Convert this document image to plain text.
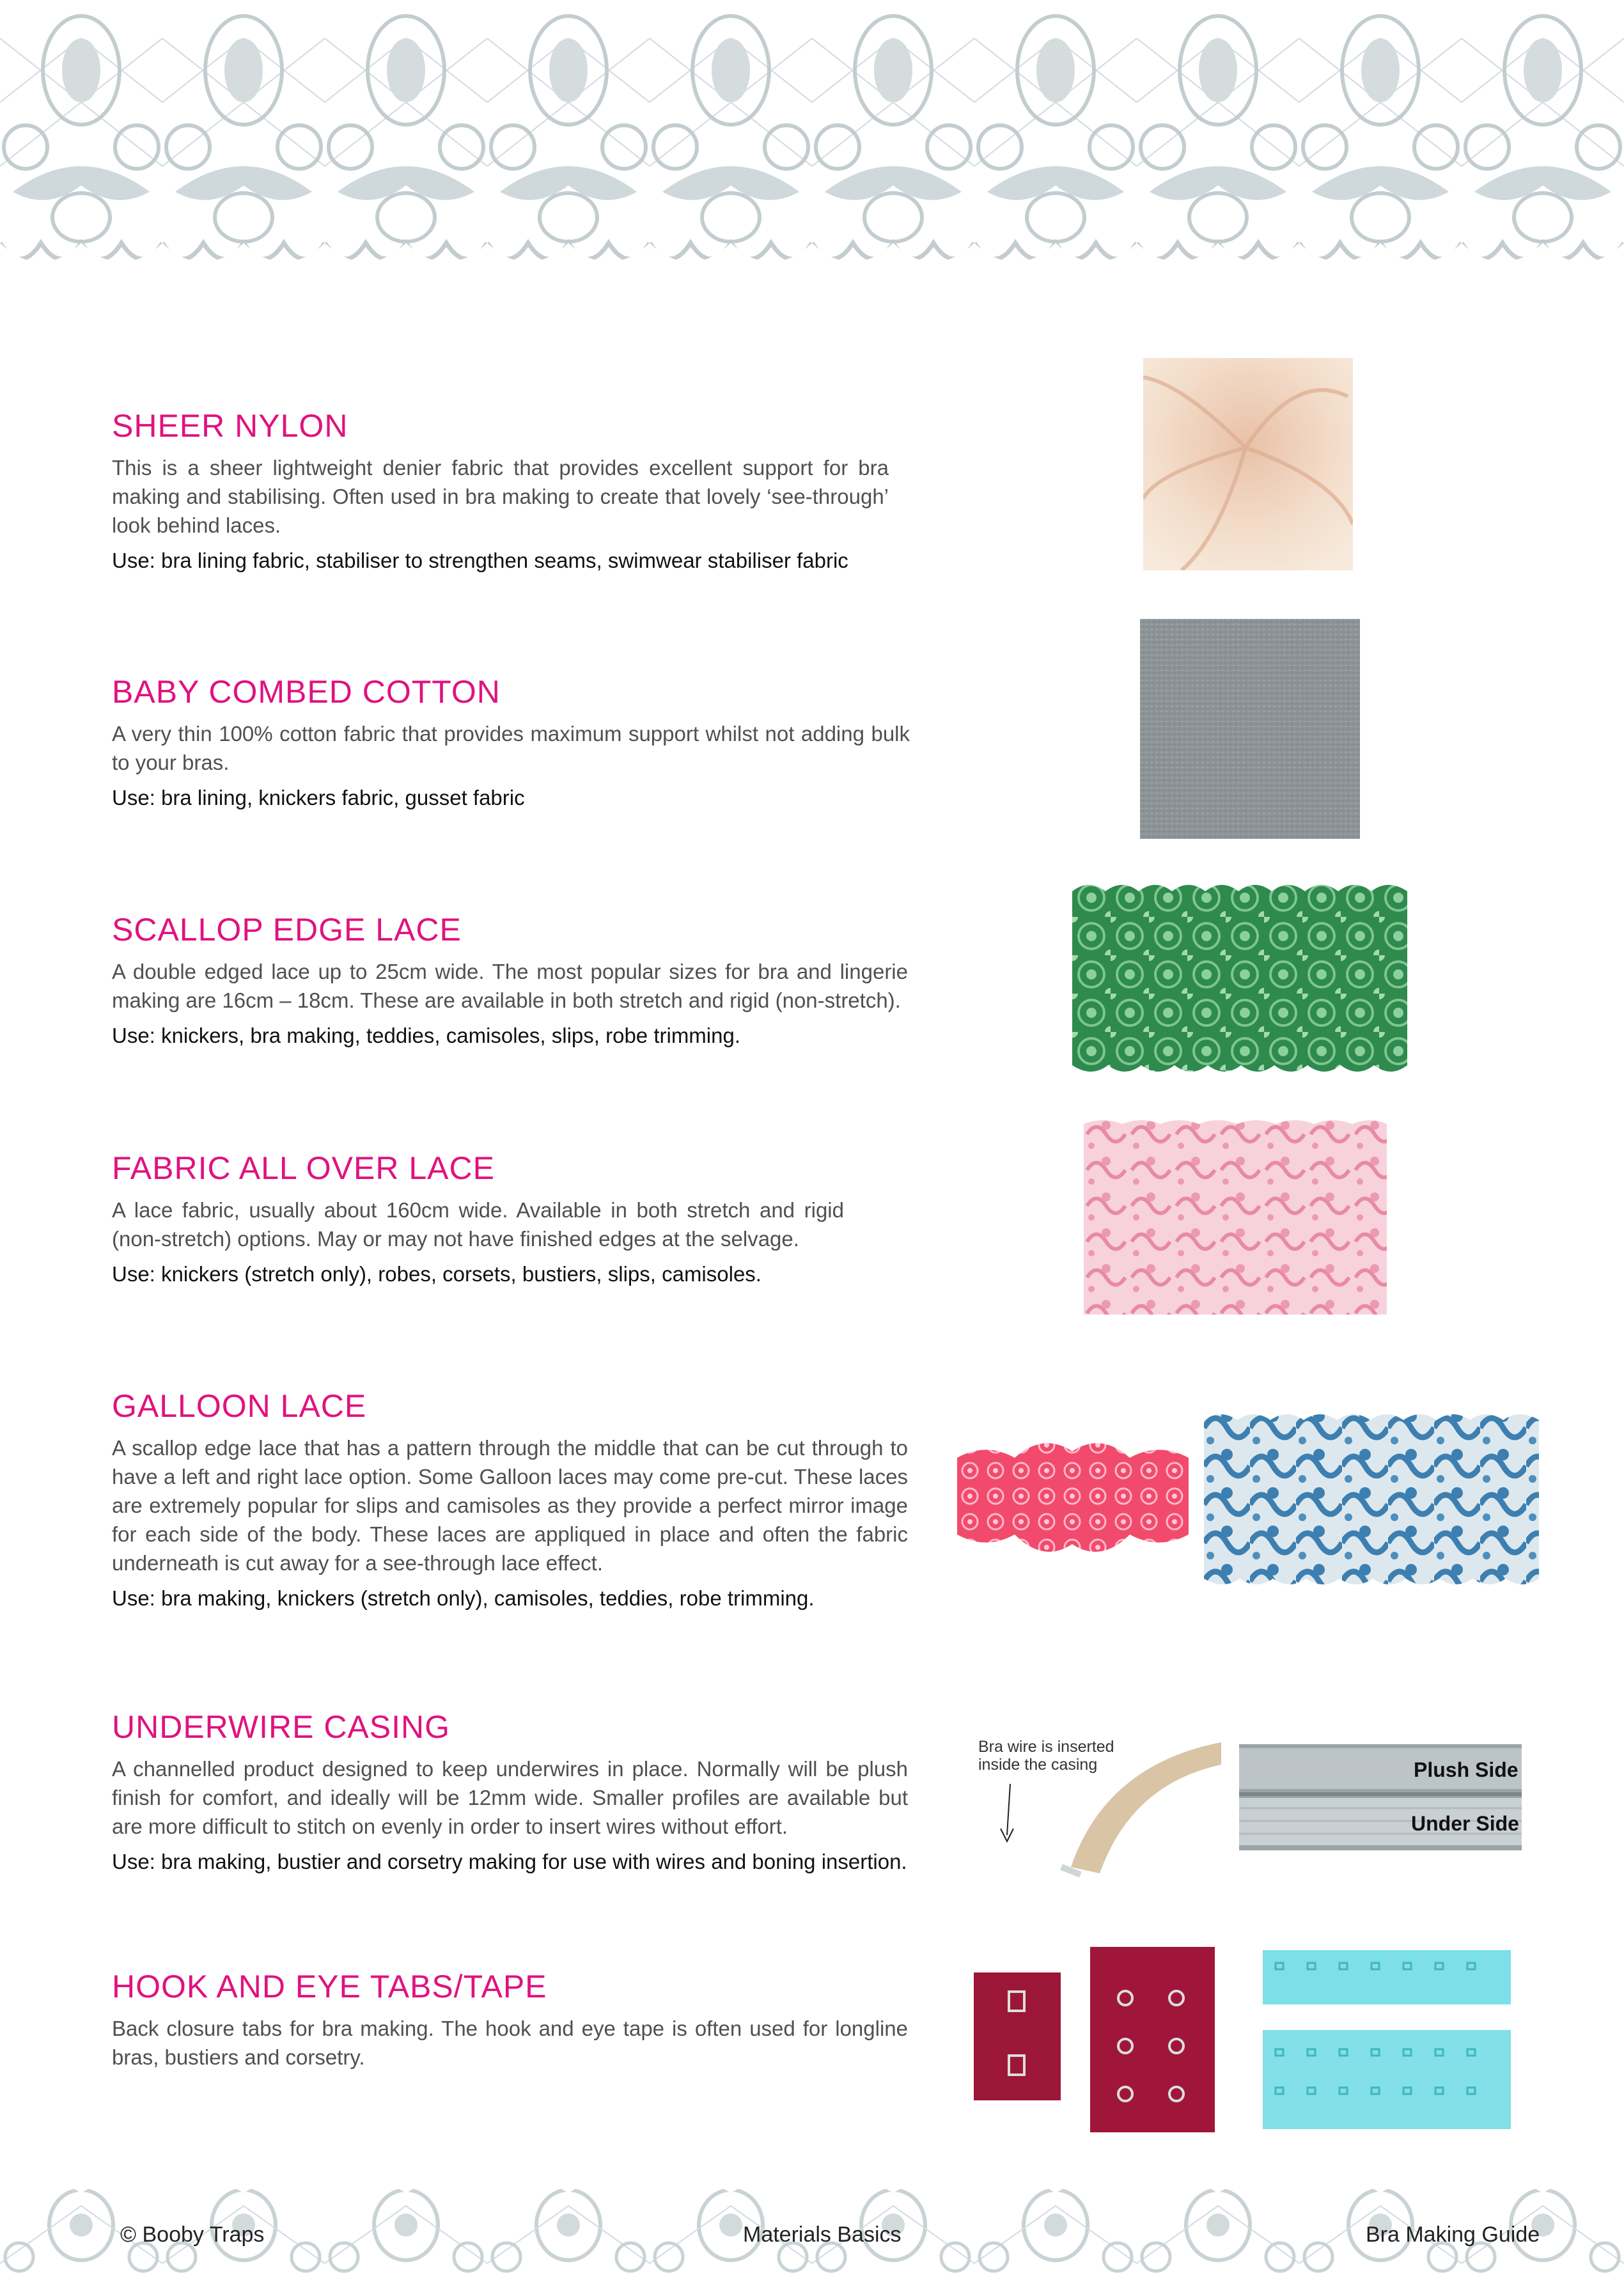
SHEER NYLON

This is a sheer lightweight denier fabric that provides excellent support for bra making and stabilising. Often used in bra making to create that lovely ‘see-through’ look behind laces.

Use: bra lining fabric, stabiliser to strengthen seams, swimwear stabiliser fabric

BABY COMBED COTTON

A very thin 100% cotton fabric that provides maximum support whilst not adding bulk to your bras.

Use: bra lining, knickers fabric, gusset fabric

SCALLOP EDGE LACE

A double edged lace up to 25cm wide. The most popular sizes for bra and lingerie making are 16cm – 18cm. These are available in both stretch and rigid (non-stretch).

Use: knickers, bra making, teddies, camisoles, slips, robe trimming.

FABRIC ALL OVER LACE

A lace fabric, usually about 160cm wide. Available in both stretch and rigid (non-stretch) options. May or may not have finished edges at the selvage.

Use: knickers (stretch only), robes, corsets, bustiers, slips, camisoles.

GALLOON LACE

A scallop edge lace that has a pattern through the middle that can be cut through to have a left and right lace option. Some Galloon laces may come pre-cut. These laces are extremely popular for slips and camisoles as they provide a perfect mirror image for each side of the body. These laces are appliqued in place and often the fabric underneath is cut away for a see-through lace effect.

Use: bra making, knickers (stretch only), camisoles, teddies, robe trimming.

UNDERWIRE CASING

A channelled product designed to keep underwires in place. Normally will be plush finish for comfort, and ideally will be 12mm wide. Smaller profiles are available but are more difficult to stitch on evenly in order to insert wires without effort.

Use: bra making, bustier and corsetry making for use with wires and boning insertion.

Bra wire is inserted inside the casing	Plush Side
Under Side
HOOK AND EYE TABS/TAPE

Back closure tabs for bra making. The hook and eye tape is often used for longline bras, bustiers and corsetry.

© Booby Traps	Materials Basics	Bra Making Guide
